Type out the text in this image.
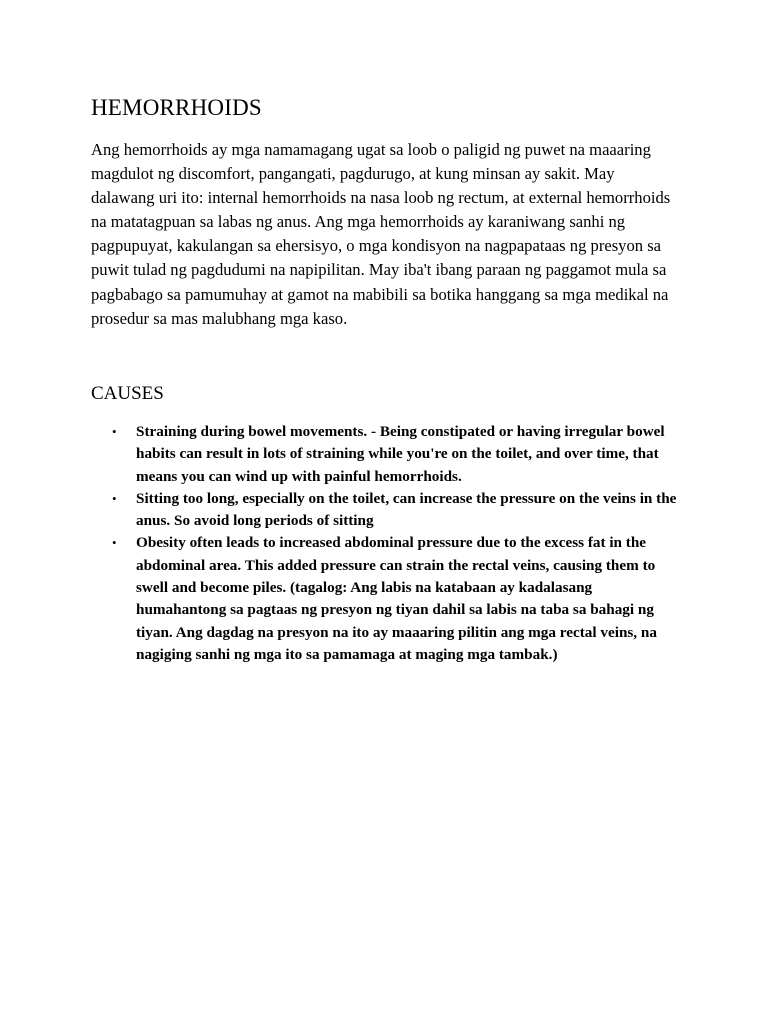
HEMORRHOIDS

Ang hemorrhoids ay mga namamagang ugat sa loob o paligid ng puwet na maaaring magdulot ng discomfort, pangangati, pagdurugo, at kung minsan ay sakit. May dalawang uri ito: internal hemorrhoids na nasa loob ng rectum, at external hemorrhoids na matatagpuan sa labas ng anus. Ang mga hemorrhoids ay karaniwang sanhi ng pagpupuyat, kakulangan sa ehersisyo, o mga kondisyon na nagpapataas ng presyon sa puwit tulad ng pagdudumi na napipilitan. May iba't ibang paraan ng paggamot mula sa pagbabago sa pamumuhay at gamot na mabibili sa botika hanggang sa mga medikal na prosedur sa mas malubhang mga kaso.

CAUSES
• Straining during bowel movements. - Being constipated or having irregular bowel habits can result in lots of straining while you're on the toilet, and over time, that means you can wind up with painful hemorrhoids.
• Sitting too long, especially on the toilet, can increase the pressure on the veins in the anus. So avoid long periods of sitting
• Obesity often leads to increased abdominal pressure due to the excess fat in the abdominal area. This added pressure can strain the rectal veins, causing them to swell and become piles. (tagalog: Ang labis na katabaan ay kadalasang humahantong sa pagtaas ng presyon ng tiyan dahil sa labis na taba sa bahagi ng tiyan. Ang dagdag na presyon na ito ay maaaring pilitin ang mga rectal veins, na nagiging sanhi ng mga ito sa pamamaga at maging mga tambak.)
